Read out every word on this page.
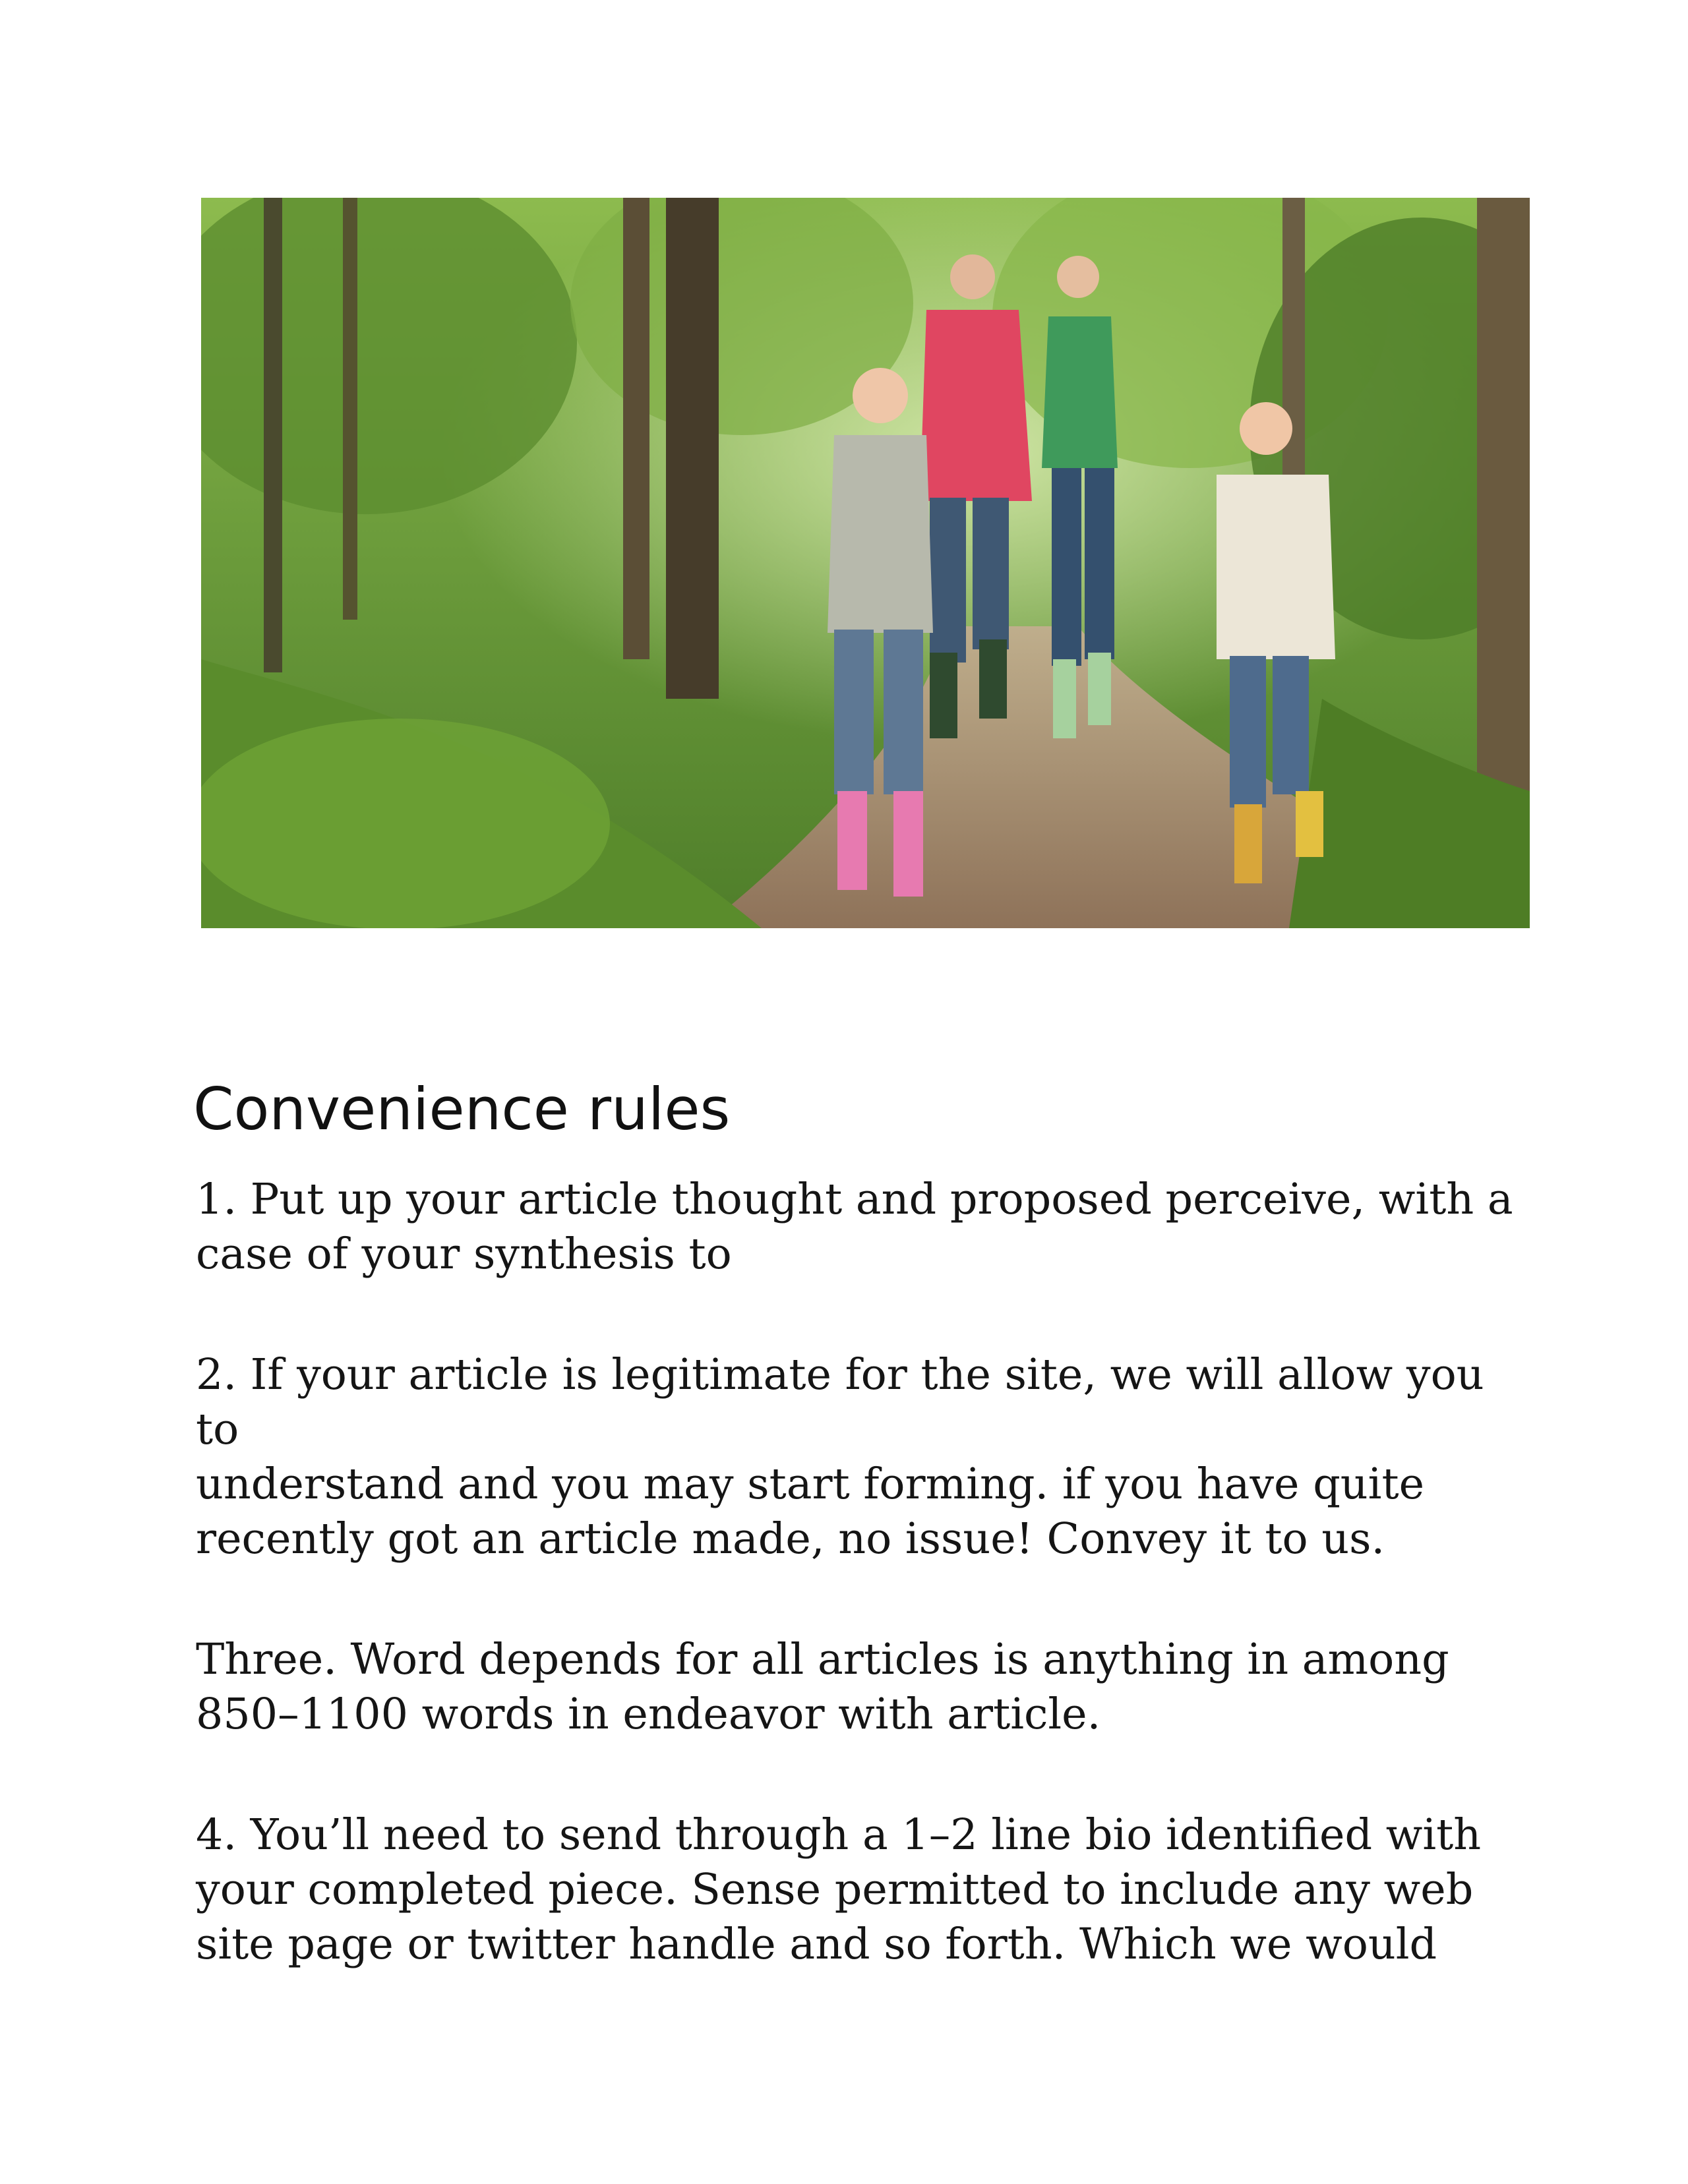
Convenience rules
1. Put up your article thought and proposed perceive, with a
case of your synthesis to
2. If your article is legitimate for the site, we will allow you to
understand and you may start forming. if you have quite
recently got an article made, no issue! Convey it to us.
Three. Word depends for all articles is anything in among
850–1100 words in endeavor with article.
4. You’ll need to send through a 1–2 line bio identified with
your completed piece. Sense permitted to include any web
site page or twitter handle and so forth. Which we would
